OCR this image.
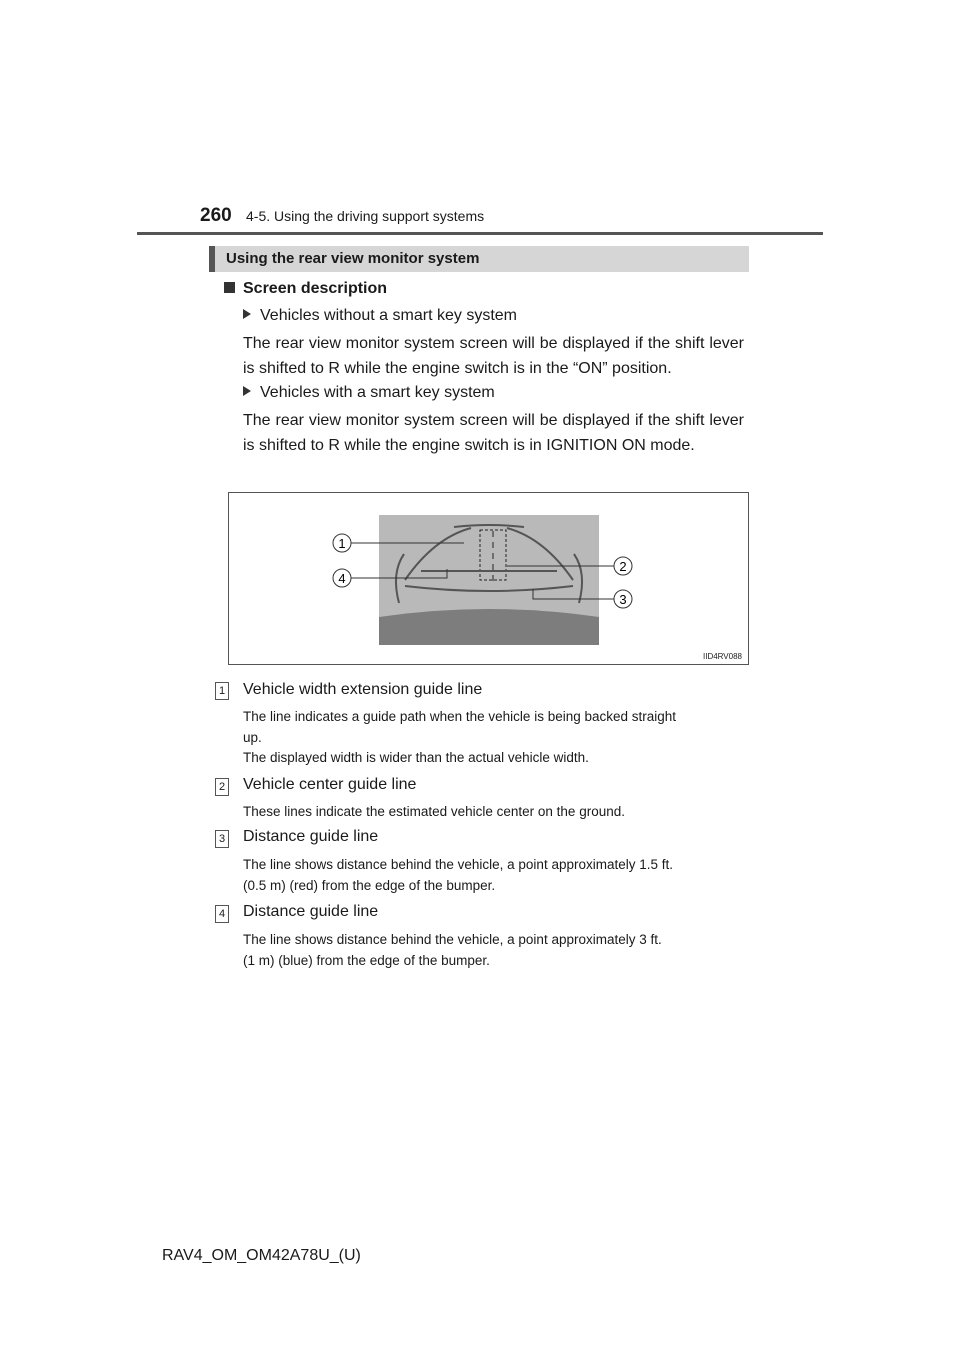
260 4-5. Using the driving support systems
Using the rear view monitor system
Screen description
Vehicles without a smart key system
The rear view monitor system screen will be displayed if the shift lever is shifted to R while the engine switch is in the “ON” position.
Vehicles with a smart key system
The rear view monitor system screen will be displayed if the shift lever is shifted to R while the engine switch is in IGNITION ON mode.
1
2
4
3
IID4RV088
1 Vehicle width extension guide line
The line indicates a guide path when the vehicle is being backed straight
up.
The displayed width is wider than the actual vehicle width.
2 Vehicle center guide line
These lines indicate the estimated vehicle center on the ground.
3 Distance guide line
The line shows distance behind the vehicle, a point approximately 1.5 ft.
(0.5 m) (red) from the edge of the bumper.
4 Distance guide line
The line shows distance behind the vehicle, a point approximately 3 ft.
(1 m) (blue) from the edge of the bumper.
RAV4_OM_OM42A78U_(U)
